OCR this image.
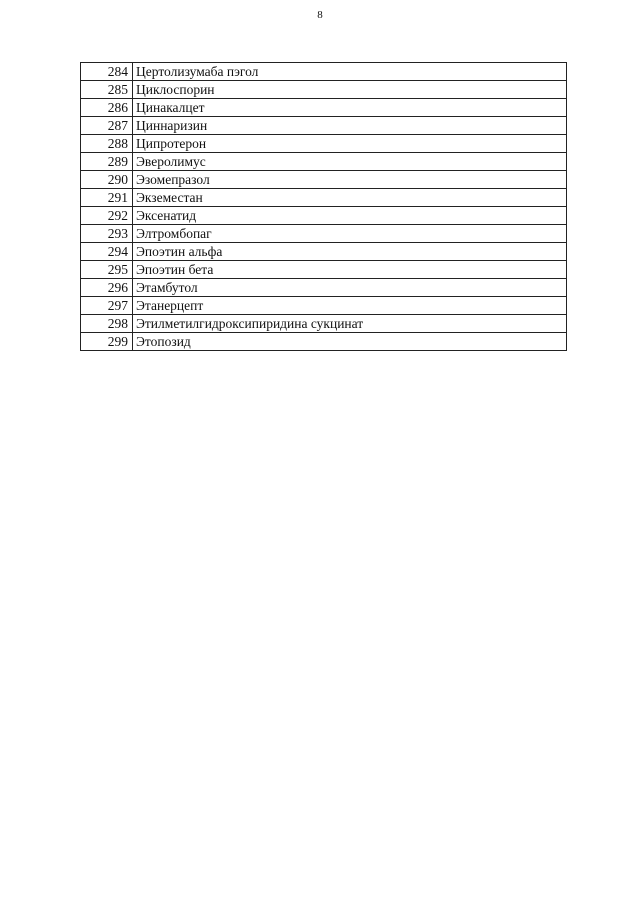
8
284	Цертолизумаба пэгол
285	Циклоспорин
286	Цинакалцет
287	Циннаризин
288	Ципротерон
289	Эверолимус
290	Эзомепразол
291	Экземестан
292	Эксенатид
293	Элтромбопаг
294	Эпоэтин альфа
295	Эпоэтин бета
296	Этамбутол
297	Этанерцепт
298	Этилметилгидроксипиридина сукцинат
299	Этопозид
